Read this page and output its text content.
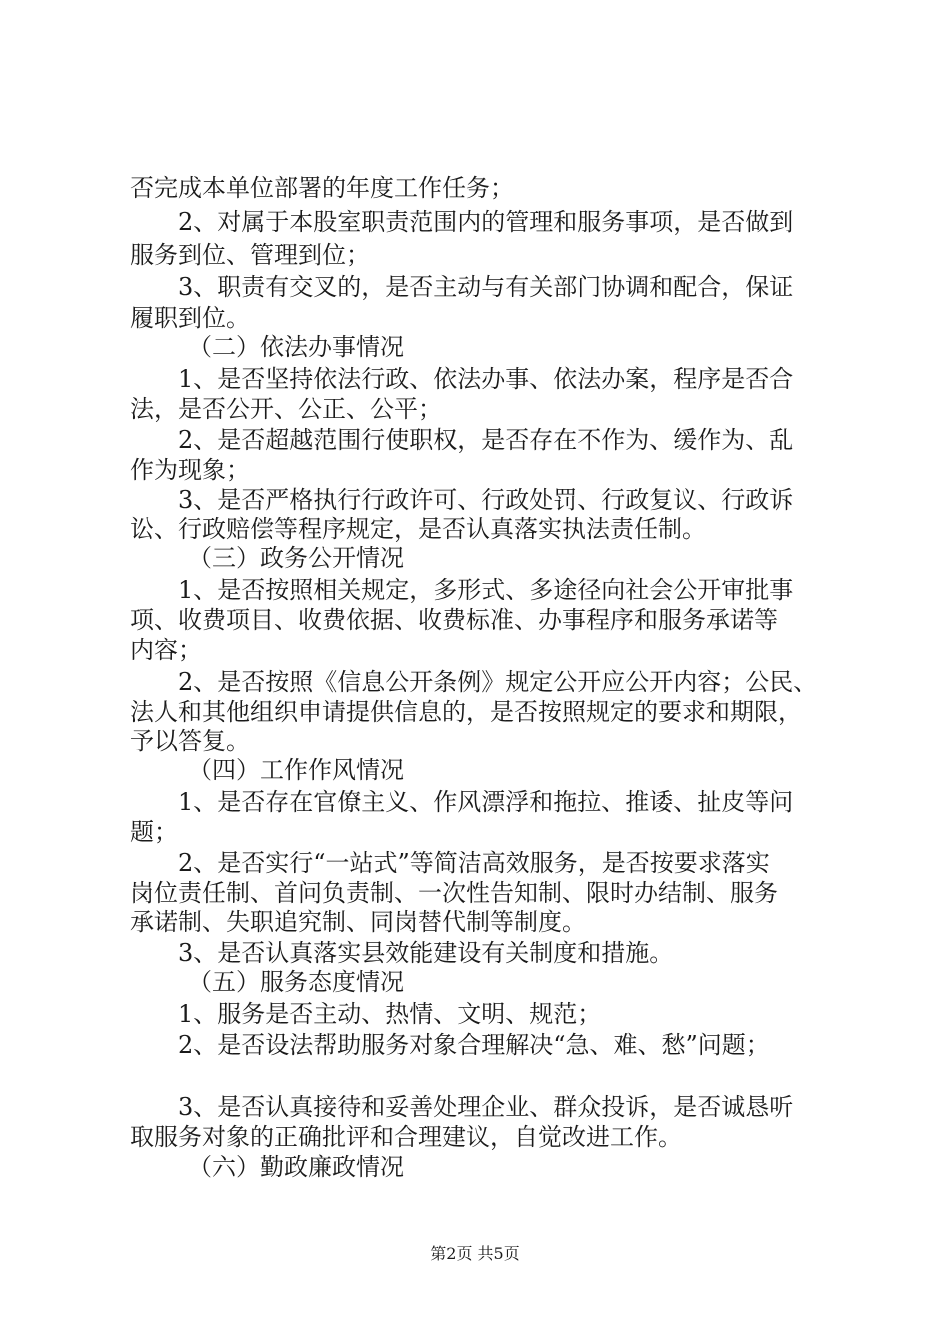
否完成本单位部署的年度工作任务；
2、对属于本股室职责范围内的管理和服务事项，是否做到
服务到位、管理到位；
3、职责有交叉的，是否主动与有关部门协调和配合，保证
履职到位。
（二）依法办事情况
1、是否坚持依法行政、依法办事、依法办案，程序是否合
法，是否公开、公正、公平；
2、是否超越范围行使职权，是否存在不作为、缓作为、乱
作为现象；
3、是否严格执行行政许可、行政处罚、行政复议、行政诉
讼、行政赔偿等程序规定，是否认真落实执法责任制。
（三）政务公开情况
1、是否按照相关规定，多形式、多途径向社会公开审批事
项、收费项目、收费依据、收费标准、办事程序和服务承诺等
内容；
2、是否按照《信息公开条例》规定公开应公开内容；公民、
法人和其他组织申请提供信息的，是否按照规定的要求和期限，
予以答复。
（四）工作作风情况
1、是否存在官僚主义、作风漂浮和拖拉、推诿、扯皮等问
题；
2、是否实行“一站式”等简洁高效服务，是否按要求落实
岗位责任制、首问负责制、一次性告知制、限时办结制、服务
承诺制、失职追究制、同岗替代制等制度。
3、是否认真落实县效能建设有关制度和措施。
（五）服务态度情况
1、服务是否主动、热情、文明、规范；
2、是否设法帮助服务对象合理解决“急、难、愁”问题；
3、是否认真接待和妥善处理企业、群众投诉，是否诚恳听
取服务对象的正确批评和合理建议，自觉改进工作。
（六）勤政廉政情况
第2页 共5页
